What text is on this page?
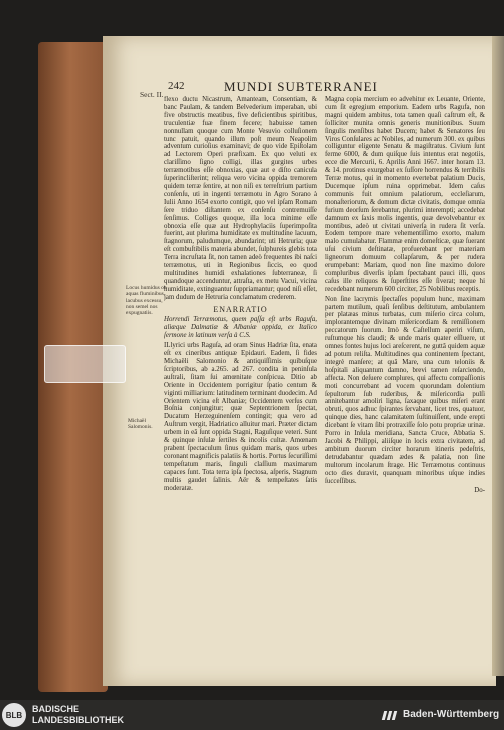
242	MUNDI SUBTERRANEI
Sect. II.
Locus humidus ob aquas fluminibus, lacubus excessu, non semel nos expugnatiis.
Michaël Salomonis.

flexo ductu Nicastrum, Amanteam, Consentiam, & banc Paulam, & tandem Belvederium imperaban, ubi five obstructis meatibus, five deficientibus spiritibus, truculentiæ fuæ finem fecere; habuisse tamen nonnullam quoque cum Monte Vesuvio colluſionem tunc patuit, quando illum poſt meum Neapolim adventum curioſius examinavi; de quo vide Epiſtolam ad Lectorem Operi præfixam. Ex quo veluti ex clariſſimo ſigno colligi, illas gurgites urbes terræmotibus eſſe obnoxias, quæ aut e diſto canicula ſuperincliſterint; reliqua vero vicina oppida tremorem quidem terræ ſentire, at non niſi ex terreſtrium partium conſenſu, uti in ingenti terræmotu in Agro Sorano à Iulii Anno 1654 exorto contigit, quo vel ipſam Romam ſere triduo diſtantem ex conſenſu contremuiſſe ſenſimus. Colliges quoque, illa loca minime eſſe obnoxia eſſe quæ aut Hydrophylaciis ſuperimpoſita fuerint, aut plurima humiditate ex multitudine lacuum, ſtagnorum, paludumque, abundarint; uti Hetruria; quæ eſt combuſtibilis materia abundet, ſulphureis glebis tota Terra incruſtata ſit, non tamen adeò frequentes ibi naſci terræmotus, uti in Regionibus ſiccis, eo quod multitudines humidi exhalationes ſubterraneæ, ſi quandoque accenduntur, attraſta, ex metu Vacui, vicina humiditate, extinguantur ſuppriamantur; quod niſi eſſet, jam dudum de Hetruria conclamatum crederem.

ENARRATIO

Horrendi Terræmotus, quem paſſa eſt urbs Ragufa, aliæque Dalmatiæ & Albaniæ oppida, ex Italico ſermone in latinum verſa à C.S.

ILlyrici urbs Raguſa, ad oram Sinus Hadriæ ſita, enata eſt ex cineribus antiquæ Epidauri. Eadem, ſi fides Michaëli Salomonio & antiquiſſimis quibuſque ſcriptoribus, ab a.265. ad 267. condita in peninſula auſtrali, ſitam ſui amœnitate conſpicua. Ditio ab Oriente in Occidentem porrigitur ſpatio centum & viginti milliarium: latitudinem terminant duodecim. Ad Orientem vicina eſt Albaniæ; Occidentem verſus cum Boſnia conjungitur; quæ Septentrionem ſpectat, Ducatum Herzeguinenſem contingit; qua vero ad Auſtrum vergit, Hadriatico alluitur mari. Præter dictam urbem in eâ ſunt oppida Stagni, Raguſique veteri. Sunt & quinque inſulæ ſertiles & incolis cultæ. Amœnam prabent ſpectaculum ſinus quidam maris, quos urbes coronant magnificis palatiis & hortis. Portus ſecuriſſimi tempeſtatum maris, ſinguli claſſium maximarum capaces ſunt. Tota terra ipſa ſpectosa, aſperis, Stagnum multis gaudet ſalinis. Aër & tempeſtates ſatis moderatæ.

Magna copia mercium eo advehitur ex Leuante, Oriente, cum ſit egregium emporium. Eadem urbs Ragufa, non magni quidem ambitus, tota tamen quaſi caſtrum eſt, & ſolliciter munita omnis generis munitionibus. Suum ſingulis menſibus habet Ducem; habet & Senatores ſeu Viros Conſulares ac Nobiles, ad numerum 300. ex quibus colliguntur eligente Senatu & magiſtratus. Civium ſunt ferme 6000, & dum quiſque ſuis intentus erat negotiis, ecce die Mercurii, 6. Aprilis Anni 1667. inter horam 13. & 14. protinus exurgebat ex ſuſſore horrendus & terribilis Terræ motus, qui in momento evertebat palatium Ducis, Ducemque ipſum ruina opprimebat. Idem caſus communis fuit omnium palatiorum, eccleſiarum, monaſteriorum, & domum dictæ civitatis, domque omnia furium deorſum ſerebantur, plurimi interempti; accedebat damnum ex ſaxis molis ingentis, quæ devolvebantur ex montibus, adeò ut civitati univerſa in rudera ſit verſa. Eodem tempore mare vehementiſſimo exorto, malum malo cumulabatur. Flammæ enim domeſticæ, quæ ſuerant uſui civium deſtinatæ, profuerebant per materiam ligneorum domuum collapſarum, & per rudera erumpebant: Mariam, quod non ſine maximo dolore compluribus diverſis ipſam ſpectabant pauci illi, quos caſus ille reliquos & ſuperſtites eſſe ſiverat; neque hi recedebant numerum 600 circiter, 25 Nobilibus receptis.

Non ſine lacrymis ſpectaſſes populum hunc, maximam partem mutilum, quaſi ſenſibus deſtitutum, ambulantem per platæas minus turbatas, cum miſerio circa colum, implorantemque divinam miſericordiam & remiſſionem peccatorum ſuorum. Imò & Caſtellum aperiri viſum, ruſtumque his claudi; & unde maris quater eſſluere, ut omnes fontes hujus loci areſcerent, ne guttâ quidem aquæ ad potum reliſta. Multitudines qua continentem ſpectant, integrè manſere; at quâ Mare, una cum teloniis & hoſpitali aliquantum damno, brevi tamen reſarciendo, affecta. Non deſuere complures, qui affectu compaſſionis moti concurrebant ad vocem quorundam dolentium ſepultorum ſub ruderibus, & miſericordia pulſi annitebantur amoliri ligna, ſaxaque quibus miſeri erant obruti, quos adhuc ſpirantes ſervabant, licet tres, quatuor, quinque dies, hanc calamitatem ſuſtinuiſſent, unde erepti dicebant ſe vitam ſibi protraxiſſe ſolo potu propriæ urinæ. Porro in Inſula meridiana, Sancta Cruce, Abbatia S. Jacobi & Philippi, aliiſque in locis extra civitatem, ad ambitum duorum circiter horarum itineris pedeſtris, detrudabantur quædam ædes & palatia, non ſine multorum incolarum ſtrage. Hic Terræmotus continuus octo dies duravit, quanquam minoribus uſque indies ſucceſſibus.

Do-

BLB
BADISCHE
LANDESBIBLIOTHEK	Baden-Württemberg
